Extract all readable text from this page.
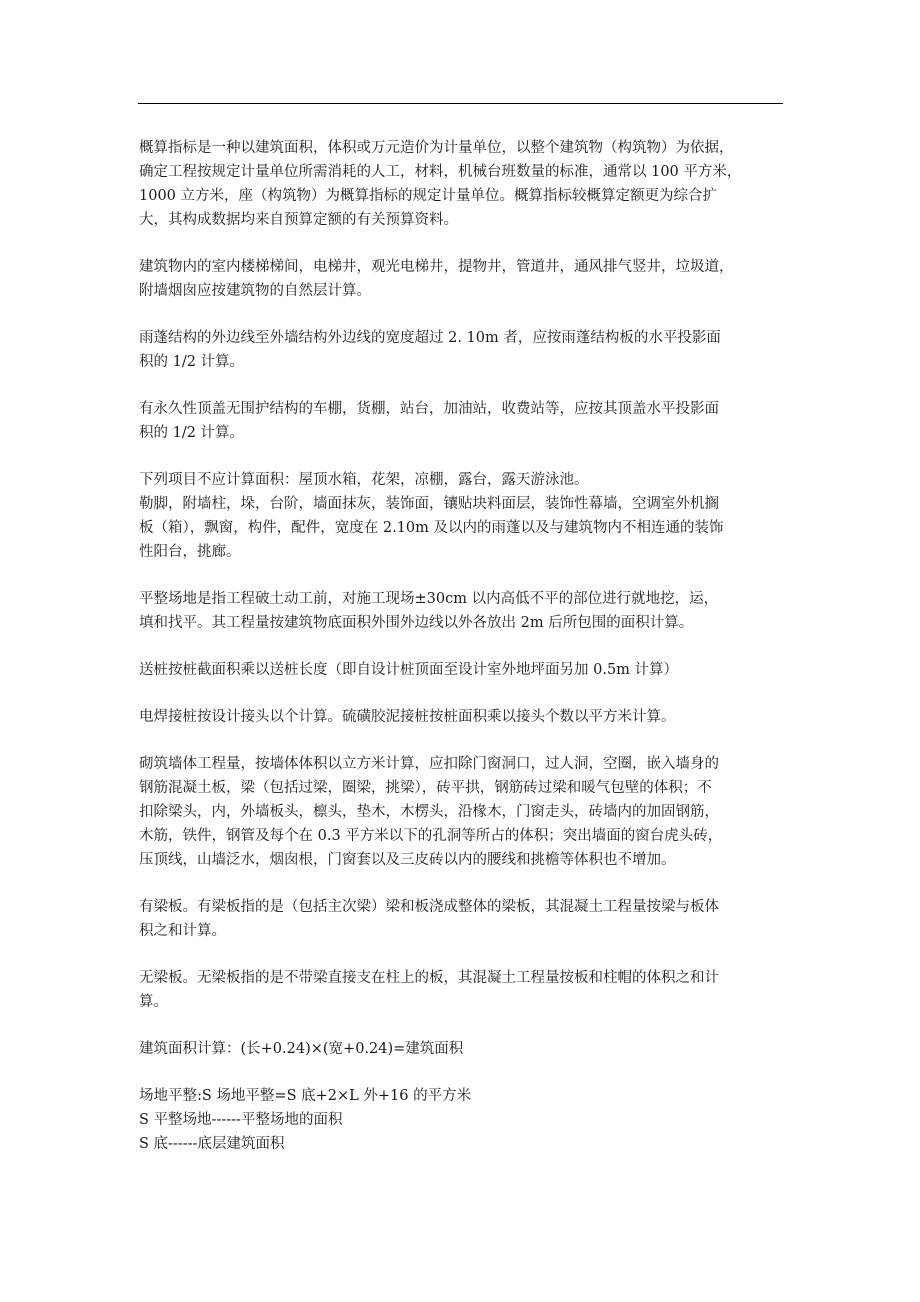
概算指标是一种以建筑面积，体积或万元造价为计量单位，以整个建筑物（构筑物）为依据，
确定工程按规定计量单位所需消耗的人工，材料，机械台班数量的标准，通常以 100 平方米，
1000 立方米，座（构筑物）为概算指标的规定计量单位。概算指标较概算定额更为综合扩
大，其构成数据均来自预算定额的有关预算资料。
建筑物内的室内楼梯梯间，电梯井，观光电梯井，提物井，管道井，通风排气竖井，垃圾道，
附墙烟囱应按建筑物的自然层计算。
雨蓬结构的外边线至外墙结构外边线的宽度超过 2. 10m 者，应按雨蓬结构板的水平投影面
积的 1/2 计算。
有永久性顶盖无围护结构的车棚，货棚，站台，加油站，收费站等，应按其顶盖水平投影面
积的 1/2 计算。
下列项目不应计算面积：屋顶水箱，花架，凉棚，露台，露天游泳池。
勒脚，附墙柱，垛，台阶，墙面抹灰，装饰面，镶贴块料面层，装饰性幕墙，空调室外机搁
板（箱），飘窗，构件，配件，宽度在 2.10m 及以内的雨蓬以及与建筑物内不相连通的装饰
性阳台，挑廊。
平整场地是指工程破土动工前，对施工现场±30cm 以内高低不平的部位进行就地挖，运，
填和找平。其工程量按建筑物底面积外围外边线以外各放出 2m 后所包围的面积计算。
送桩按桩截面积乘以送桩长度（即自设计桩顶面至设计室外地坪面另加 0.5m 计算）
电焊接桩按设计接头以个计算。硫磺胶泥接桩按桩面积乘以接头个数以平方米计算。
砌筑墙体工程量，按墙体体积以立方米计算，应扣除门窗洞口，过人洞，空圈，嵌入墙身的
钢筋混凝土板，梁（包括过梁，圈梁，挑梁），砖平拱，钢筋砖过梁和暖气包壁的体积；不
扣除梁头，内，外墙板头，檩头，垫木，木楞头，沿椽木，门窗走头，砖墙内的加固钢筋，
木筋，铁件，钢管及每个在 0.3 平方米以下的孔洞等所占的体积；突出墙面的窗台虎头砖，
压顶线，山墙泛水，烟囱根，门窗套以及三皮砖以内的腰线和挑檐等体积也不增加。
有梁板。有梁板指的是（包括主次梁）梁和板浇成整体的梁板，其混凝土工程量按梁与板体
积之和计算。
无梁板。无梁板指的是不带梁直接支在柱上的板，其混凝土工程量按板和柱帽的体积之和计
算。
建筑面积计算：(长+0.24)×(宽+0.24)=建筑面积
场地平整:S 场地平整=S 底+2×L 外+16 的平方米
S 平整场地------平整场地的面积
S 底------底层建筑面积
